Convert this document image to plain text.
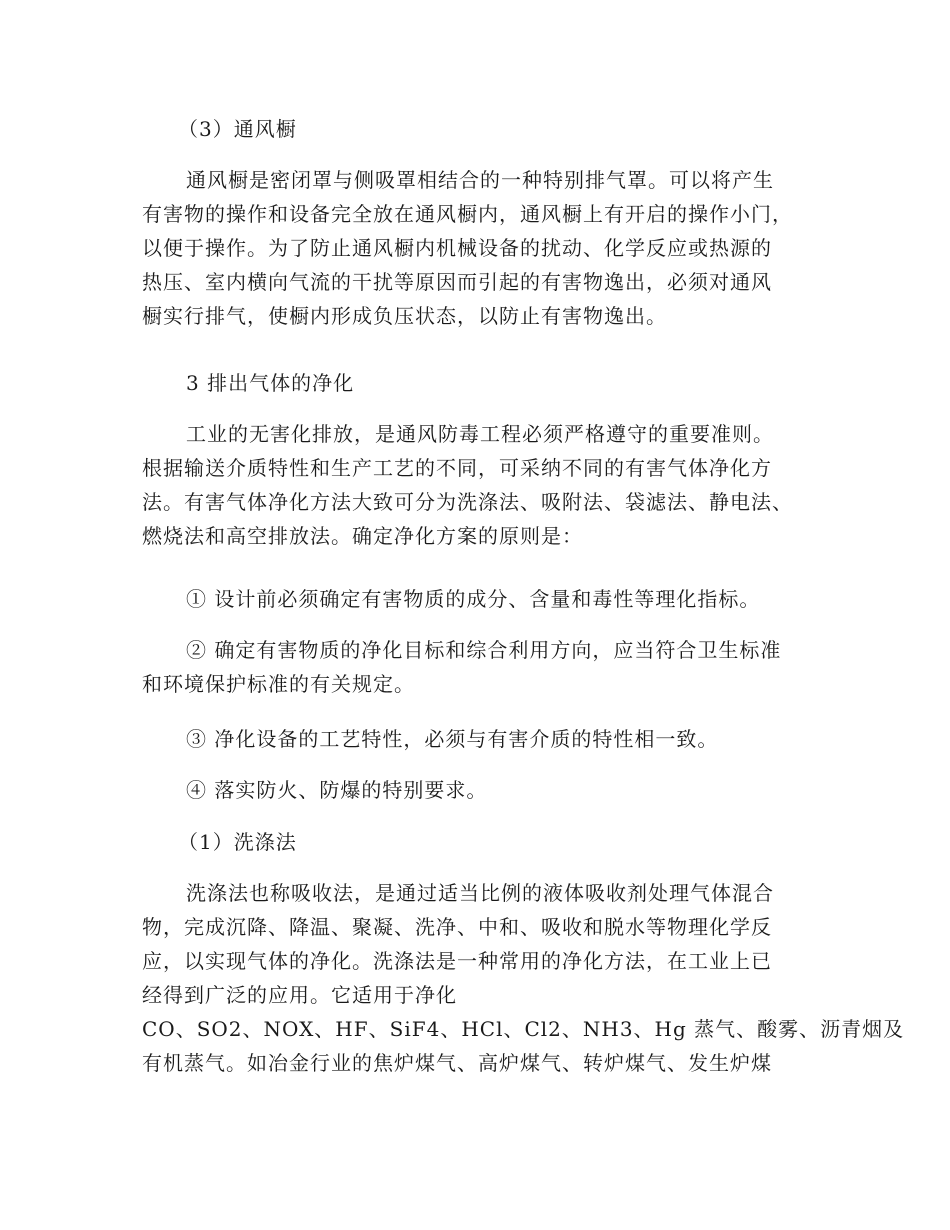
（3）通风橱

通风橱是密闭罩与侧吸罩相结合的一种特别排气罩。可以将产生
有害物的操作和设备完全放在通风橱内，通风橱上有开启的操作小门，
以便于操作。为了防止通风橱内机械设备的扰动、化学反应或热源的
热压、室内横向气流的干扰等原因而引起的有害物逸出，必须对通风
橱实行排气，使橱内形成负压状态，以防止有害物逸出。

3 排出气体的净化

工业的无害化排放，是通风防毒工程必须严格遵守的重要准则。
根据输送介质特性和生产工艺的不同，可采纳不同的有害气体净化方
法。有害气体净化方法大致可分为洗涤法、吸附法、袋滤法、静电法、
燃烧法和高空排放法。确定净化方案的原则是：
① 设计前必须确定有害物质的成分、含量和毒性等理化指标。
② 确定有害物质的净化目标和综合利用方向，应当符合卫生标准
和环境保护标准的有关规定。
③ 净化设备的工艺特性，必须与有害介质的特性相一致。
④ 落实防火、防爆的特别要求。

（1）洗涤法

洗涤法也称吸收法，是通过适当比例的液体吸收剂处理气体混合
物，完成沉降、降温、聚凝、洗净、中和、吸收和脱水等物理化学反
应，以实现气体的净化。洗涤法是一种常用的净化方法，在工业上已
经得到广泛的应用。它适用于净化
CO、SO2、NOX、HF、SiF4、HCl、Cl2、NH3、Hg 蒸气、酸雾、沥青烟及
有机蒸气。如冶金行业的焦炉煤气、高炉煤气、转炉煤气、发生炉煤
